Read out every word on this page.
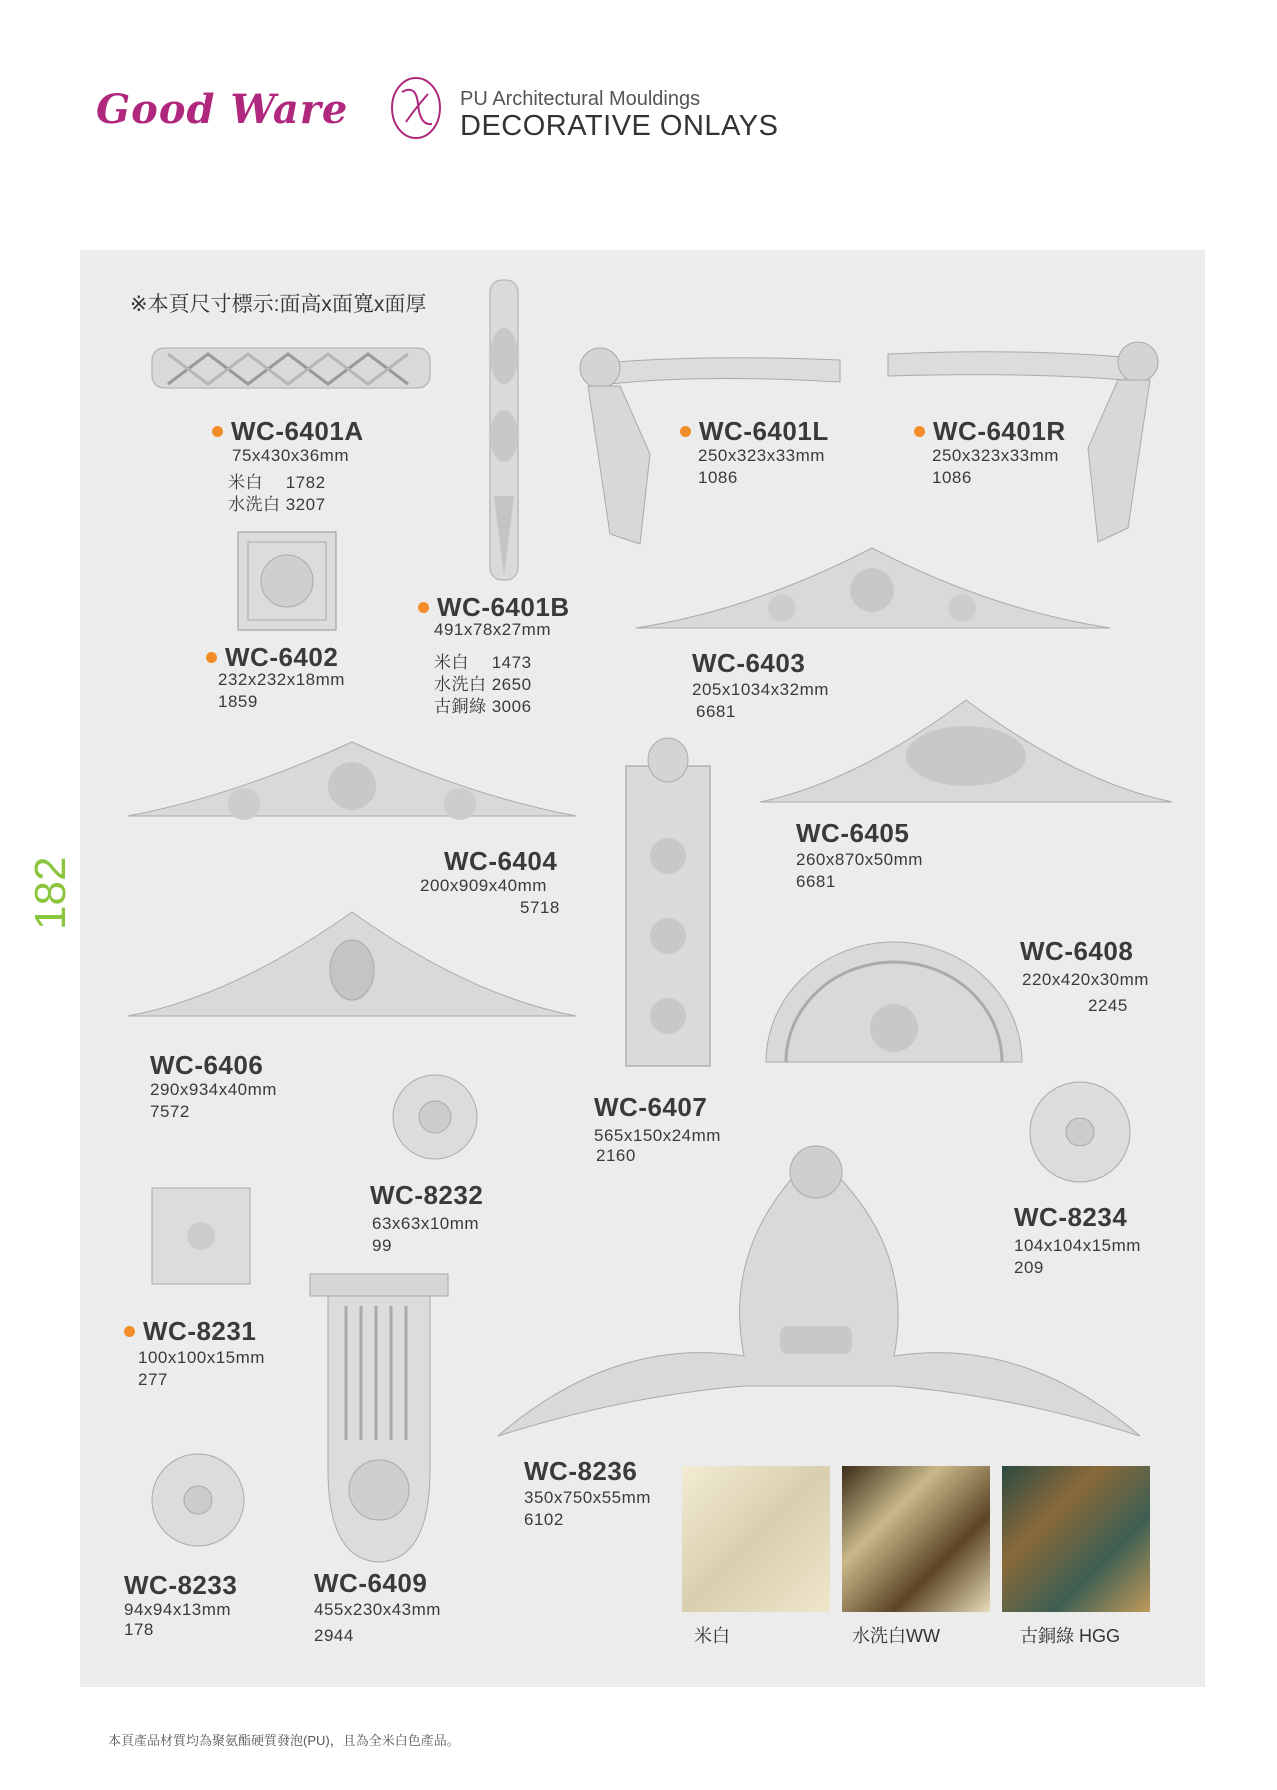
Good Ware	PU Architectural Mouldings
DECORATIVE ONLAYS
182
※本頁尺寸標示:面高x面寬x面厚
WC-6401A
75x430x36mm
米白　 1782
水洗白 3207
WC-6401B
491x78x27mm
米白　 1473
水洗白 2650
古銅綠 3006
WC-6401L
250x323x33mm
1086
WC-6401R
250x323x33mm
1086
WC-6402
232x232x18mm
1859
WC-6403
205x1034x32mm
6681
WC-6404
200x909x40mm
5718
WC-6405
260x870x50mm
6681
WC-6406
290x934x40mm
7572	WC-6407
565x150x24mm
2160
WC-6408
220x420x30mm
2245
WC-8231
100x100x15mm
277
WC-8232
63x63x10mm
99
WC-8233
94x94x13mm
178
WC-8234
104x104x15mm
209
WC-8236
350x750x55mm
6102
WC-6409
455x230x43mm
2944	米白	水洗白WW	古銅綠 HGG
本頁產品材質均為聚氨酯硬質發泡(PU)，且為全米白色產品。
